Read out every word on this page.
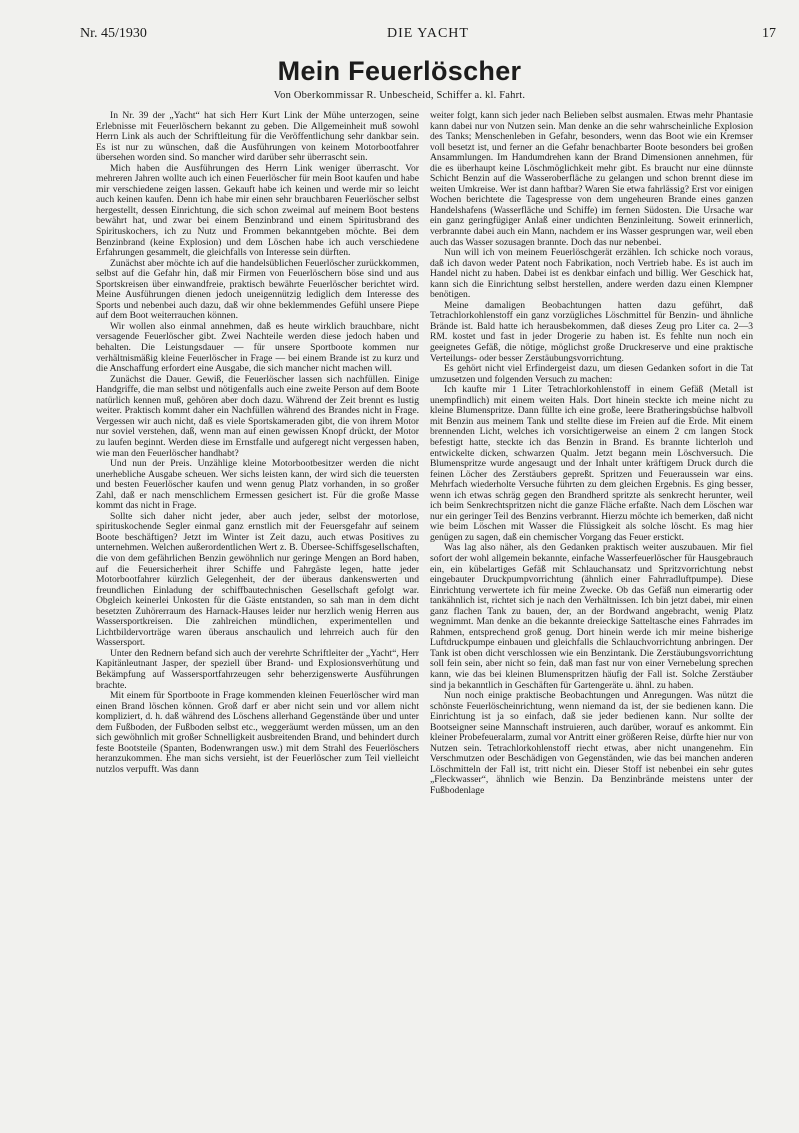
Nr. 45/1930	DIE YACHT	17
Mein Feuerlöscher
Von Oberkommissar R. Unbescheid, Schiffer a. kl. Fahrt.

In Nr. 39 der „Yacht“ hat sich Herr Kurt Link der Mühe unterzogen, seine Erlebnisse mit Feuerlöschern bekannt zu geben. Die Allgemeinheit muß sowohl Herrn Link als auch der Schriftleitung für die Veröffentlichung sehr dankbar sein. Es ist nur zu wünschen, daß die Ausführungen von keinem Motorbootfahrer übersehen worden sind. So mancher wird darüber sehr überrascht sein.

Mich haben die Ausführungen des Herrn Link weniger überrascht. Vor mehreren Jahren wollte auch ich einen Feuerlöscher für mein Boot kaufen und habe mir verschiedene zeigen lassen. Gekauft habe ich keinen und werde mir so leicht auch keinen kaufen. Denn ich habe mir einen sehr brauchbaren Feuerlöscher selbst hergestellt, dessen Einrichtung, die sich schon zweimal auf meinem Boot bestens bewährt hat, und zwar bei einem Benzinbrand und einem Spiritusbrand des Spirituskochers, ich zu Nutz und Frommen bekanntgeben möchte. Bei dem Benzinbrand (keine Explosion) und dem Löschen habe ich auch verschiedene Erfahrungen gesammelt, die gleichfalls von Interesse sein dürften.

Zunächst aber möchte ich auf die handelsüblichen Feuerlöscher zurückkommen, selbst auf die Gefahr hin, daß mir Firmen von Feuerlöschern böse sind und aus Sportskreisen über einwandfreie, praktisch bewährte Feuerlöscher berichtet wird. Meine Ausführungen dienen jedoch uneigennützig lediglich dem Interesse des Sports und nebenbei auch dazu, daß wir ohne beklemmendes Gefühl unsere Piepe auf dem Boot weiterrauchen können.

Wir wollen also einmal annehmen, daß es heute wirklich brauchbare, nicht versagende Feuerlöscher gibt. Zwei Nachteile werden diese jedoch haben und behalten. Die Leistungsdauer — für unsere Sportboote kommen nur verhältnismäßig kleine Feuerlöscher in Frage — bei einem Brande ist zu kurz und die Anschaffung erfordert eine Ausgabe, die sich mancher nicht machen will.

Zunächst die Dauer. Gewiß, die Feuerlöscher lassen sich nachfüllen. Einige Handgriffe, die man selbst und nötigenfalls auch eine zweite Person auf dem Boote natürlich kennen muß, gehören aber doch dazu. Während der Zeit brennt es lustig weiter. Praktisch kommt daher ein Nachfüllen während des Brandes nicht in Frage. Vergessen wir auch nicht, daß es viele Sportskameraden gibt, die von ihrem Motor nur soviel verstehen, daß, wenn man auf einen gewissen Knopf drückt, der Motor zu laufen beginnt. Werden diese im Ernstfalle und aufgeregt nicht vergessen haben, wie man den Feuerlöscher handhabt?

Und nun der Preis. Unzählige kleine Motorbootbesitzer werden die nicht unerhebliche Ausgabe scheuen. Wer sichs leisten kann, der wird sich die teuersten und besten Feuerlöscher kaufen und wenn genug Platz vorhanden, in so großer Zahl, daß er nach menschlichem Ermessen gesichert ist. Für die große Masse kommt das nicht in Frage.

Sollte sich daher nicht jeder, aber auch jeder, selbst der motorlose, spirituskochende Segler einmal ganz ernstlich mit der Feuersgefahr auf seinem Boote beschäftigen? Jetzt im Winter ist Zeit dazu, auch etwas Positives zu unternehmen. Welchen außerordentlichen Wert z. B. Übersee-Schiffsgesellschaften, die von dem gefährlichen Benzin gewöhnlich nur geringe Mengen an Bord haben, auf die Feuersicherheit ihrer Schiffe und Fahrgäste legen, hatte jeder Motorbootfahrer kürzlich Gelegenheit, der der überaus dankenswerten und freundlichen Einladung der schiffbautechnischen Gesellschaft gefolgt war. Obgleich keinerlei Unkosten für die Gäste entstanden, so sah man in dem dicht besetzten Zuhörerraum des Harnack-Hauses leider nur herzlich wenig Herren aus Wassersportkreisen. Die zahlreichen mündlichen, experimentellen und Lichtbildervorträge waren überaus anschaulich und lehrreich auch für den Wassersport.

Unter den Rednern befand sich auch der verehrte Schriftleiter der „Yacht“, Herr Kapitänleutnant Jasper, der speziell über Brand- und Explosionsverhütung und Bekämpfung auf Wassersportfahrzeugen sehr beherzigenswerte Ausführungen brachte.

Mit einem für Sportboote in Frage kommenden kleinen Feuerlöscher wird man einen Brand löschen können. Groß darf er aber nicht sein und vor allem nicht kompliziert, d. h. daß während des Löschens allerhand Gegenstände über und unter dem Fußboden, der Fußboden selbst etc., weggeräumt werden müssen, um an den sich gewöhnlich mit großer Schnelligkeit ausbreitenden Brand, und behindert durch feste Bootsteile (Spanten, Bodenwrangen usw.) mit dem Strahl des Feuerlöschers heranzukommen. Ehe man sichs versieht, ist der Feuerlöscher zum Teil vielleicht nutzlos verpufft. Was dann

weiter folgt, kann sich jeder nach Belieben selbst ausmalen. Etwas mehr Phantasie kann dabei nur von Nutzen sein. Man denke an die sehr wahrscheinliche Explosion des Tanks; Menschenleben in Gefahr, besonders, wenn das Boot wie ein Kremser voll besetzt ist, und ferner an die Gefahr benachbarter Boote besonders bei großen Ansammlungen. Im Handumdrehen kann der Brand Dimensionen annehmen, für die es überhaupt keine Löschmöglichkeit mehr gibt. Es braucht nur eine dünnste Schicht Benzin auf die Wasseroberfläche zu gelangen und schon brennt diese im weiten Umkreise. Wer ist dann haftbar? Waren Sie etwa fahrlässig? Erst vor einigen Wochen berichtete die Tagespresse von dem ungeheuren Brande eines ganzen Handelshafens (Wasserfläche und Schiffe) im fernen Südosten. Die Ursache war ein ganz geringfügiger Anlaß einer undichten Benzinleitung. Soweit erinnerlich, verbrannte dabei auch ein Mann, nachdem er ins Wasser gesprungen war, weil eben auch das Wasser sozusagen brannte. Doch das nur nebenbei.

Nun will ich von meinem Feuerlöschgerät erzählen. Ich schicke noch voraus, daß ich davon weder Patent noch Fabrikation, noch Vertrieb habe. Es ist auch im Handel nicht zu haben. Dabei ist es denkbar einfach und billig. Wer Geschick hat, kann sich die Einrichtung selbst herstellen, andere werden dazu einen Klempner benötigen.

Meine damaligen Beobachtungen hatten dazu geführt, daß Tetrachlorkohlenstoff ein ganz vorzügliches Löschmittel für Benzin- und ähnliche Brände ist. Bald hatte ich herausbekommen, daß dieses Zeug pro Liter ca. 2—3 RM. kostet und fast in jeder Drogerie zu haben ist. Es fehlte nun noch ein geeignetes Gefäß, die nötige, möglichst große Druckreserve und eine praktische Verteilungs- oder besser Zerstäubungsvorrichtung.

Es gehört nicht viel Erfindergeist dazu, um diesen Gedanken sofort in die Tat umzusetzen und folgenden Versuch zu machen:

Ich kaufte mir 1 Liter Tetrachlorkohlenstoff in einem Gefäß (Metall ist unempfindlich) mit einem weiten Hals. Dort hinein steckte ich meine nicht zu kleine Blumenspritze. Dann füllte ich eine große, leere Bratheringsbüchse halbvoll mit Benzin aus meinem Tank und stellte diese im Freien auf die Erde. Mit einem brennenden Licht, welches ich vorsichtigerweise an einem 2 cm langen Stock befestigt hatte, steckte ich das Benzin in Brand. Es brannte lichterloh und entwickelte dicken, schwarzen Qualm. Jetzt begann mein Löschversuch. Die Blumenspritze wurde angesaugt und der Inhalt unter kräftigem Druck durch die feinen Löcher des Zerstäubers gepreßt. Spritzen und Feueraussein war eins. Mehrfach wiederholte Versuche führten zu dem gleichen Ergebnis. Es ging besser, wenn ich etwas schräg gegen den Brandherd spritzte als senkrecht herunter, weil ich beim Senkrechtspritzen nicht die ganze Fläche erfaßte. Nach dem Löschen war nur ein geringer Teil des Benzins verbrannt. Hierzu möchte ich bemerken, daß nicht wie beim Löschen mit Wasser die Flüssigkeit als solche löscht. Es mag hier genügen zu sagen, daß ein chemischer Vorgang das Feuer erstickt.

Was lag also näher, als den Gedanken praktisch weiter auszubauen. Mir fiel sofort der wohl allgemein bekannte, einfache Wasserfeuerlöscher für Hausgebrauch ein, ein kübelartiges Gefäß mit Schlauchansatz und Spritzvorrichtung nebst eingebauter Druckpumpvorrichtung (ähnlich einer Fahrradluftpumpe). Diese Einrichtung verwertete ich für meine Zwecke. Ob das Gefäß nun eimerartig oder tankähnlich ist, richtet sich je nach den Verhältnissen. Ich bin jetzt dabei, mir einen ganz flachen Tank zu bauen, der, an der Bordwand angebracht, wenig Platz wegnimmt. Man denke an die bekannte dreieckige Satteltasche eines Fahrrades im Rahmen, entsprechend groß genug. Dort hinein werde ich mir meine bisherige Luftdruckpumpe einbauen und gleichfalls die Schlauchvorrichtung anbringen. Der Tank ist oben dicht verschlossen wie ein Benzintank. Die Zerstäubungsvorrichtung soll fein sein, aber nicht so fein, daß man fast nur von einer Vernebelung sprechen kann, wie das bei kleinen Blumenspritzen häufig der Fall ist. Solche Zerstäuber sind ja bekanntlich in Geschäften für Gartengeräte u. ähnl. zu haben.

Nun noch einige praktische Beobachtungen und Anregungen. Was nützt die schönste Feuerlöscheinrichtung, wenn niemand da ist, der sie bedienen kann. Die Einrichtung ist ja so einfach, daß sie jeder bedienen kann. Nur sollte der Bootseigner seine Mannschaft instruieren, auch darüber, worauf es ankommt. Ein kleiner Probefeueralarm, zumal vor Antritt einer größeren Reise, dürfte hier nur von Nutzen sein. Tetrachlorkohlenstoff riecht etwas, aber nicht unangenehm. Ein Verschmutzen oder Beschädigen von Gegenständen, wie das bei manchen anderen Löschmitteln der Fall ist, tritt nicht ein. Dieser Stoff ist nebenbei ein sehr gutes „Fleckwasser“, ähnlich wie Benzin. Da Benzinbrände meistens unter der Fußbodenlage
